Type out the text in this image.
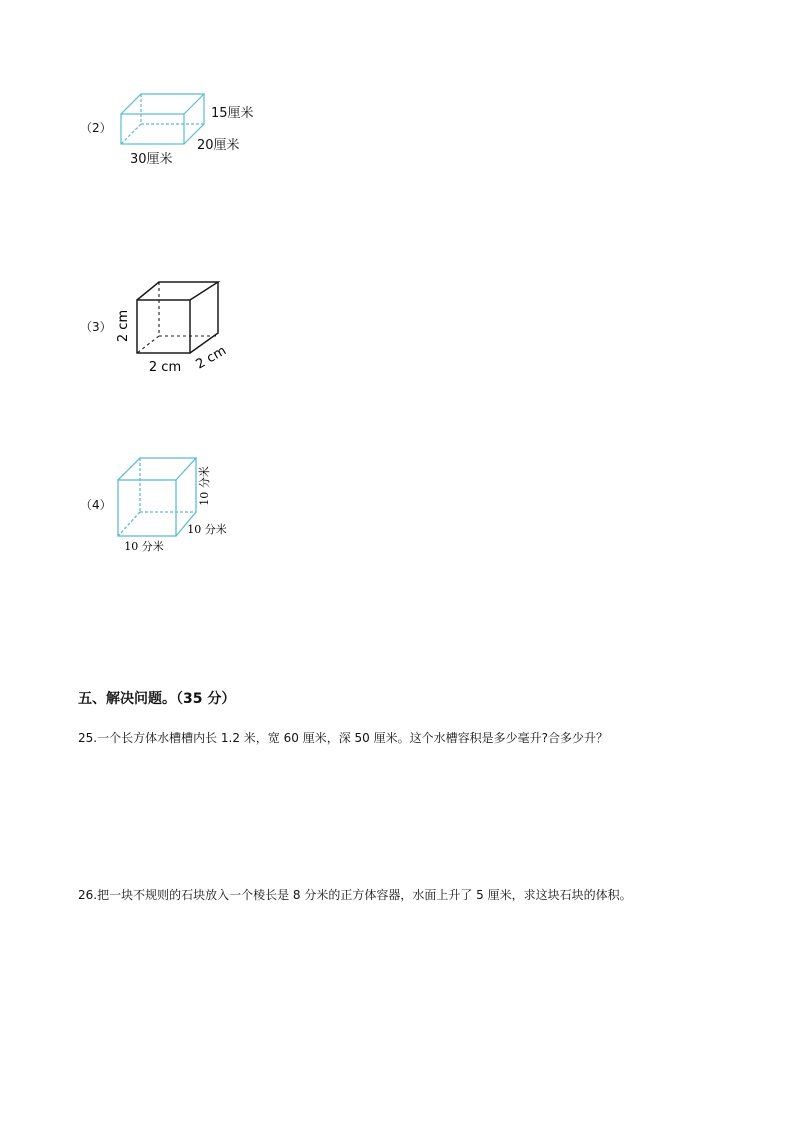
（2）
15厘米
20厘米
30厘米
（3） 2 cm
2 cm 2 cm
（4）	10 分米
10 分米
10 分米
五、解决问题。（35 分）
25.一个长方体水槽槽内长 1.2 米，宽 60 厘米，深 50 厘米。这个水槽容积是多少毫升?合多少升？
26.把一块不规则的石块放入一个棱长是 8 分米的正方体容器，水面上升了 5 厘米，求这块石块的体积。
